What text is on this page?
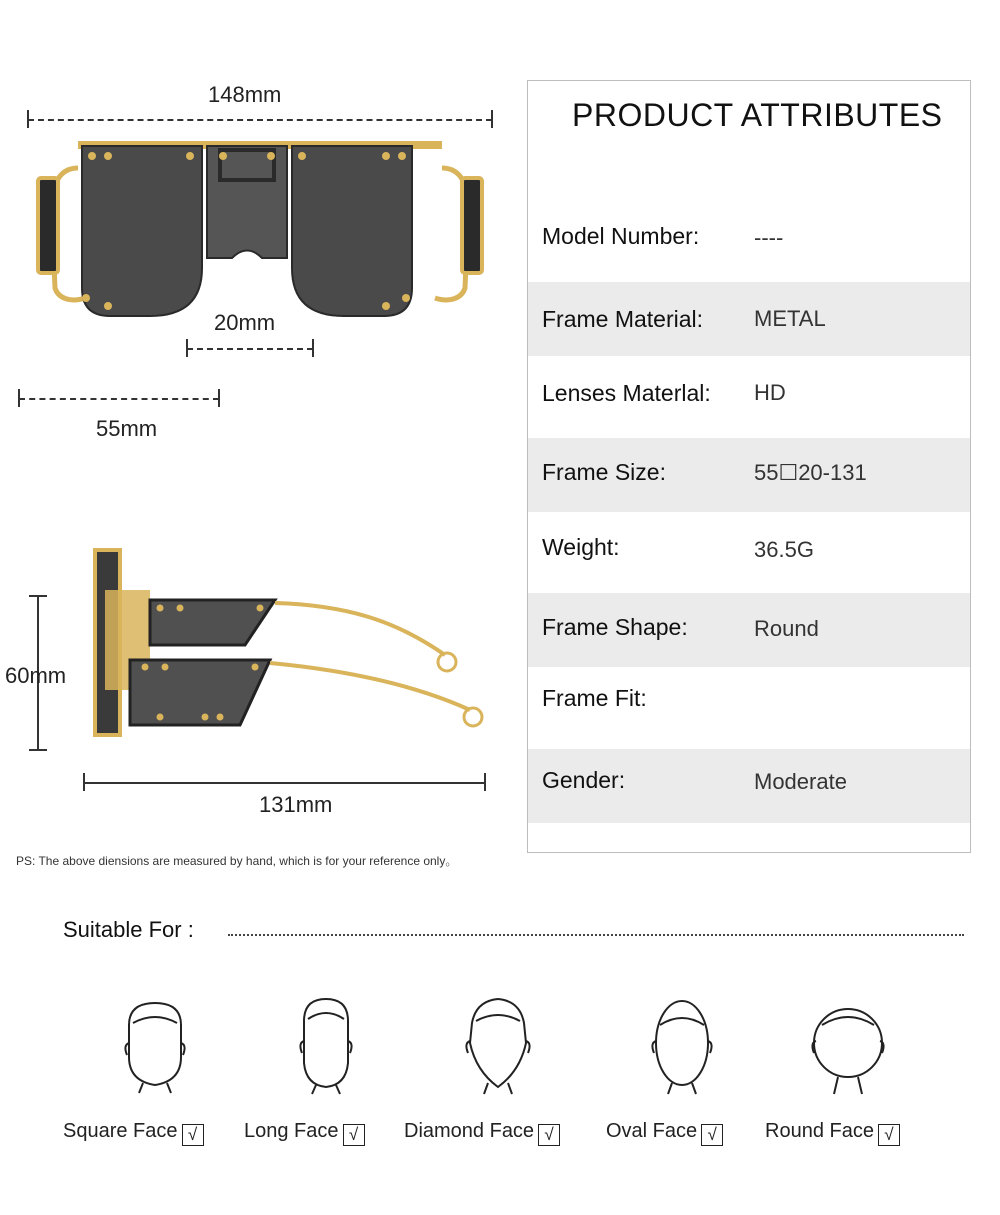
148mm
20mm
55mm
60mm
131mm
PS: The above diensions are measured by hand, which is for your reference only。
PRODUCT ATTRIBUTES
Model Number: ----
Frame Material: METAL
Lenses Materlal: HD
Frame Size:	55☐20-131
Weight:	36.5G
Frame Shape:	Round
Frame Fit:
Gender:	Moderate
Suitable For :
Square Face √	Long Face √	Diamond Face √	Oval Face √	Round Face √
